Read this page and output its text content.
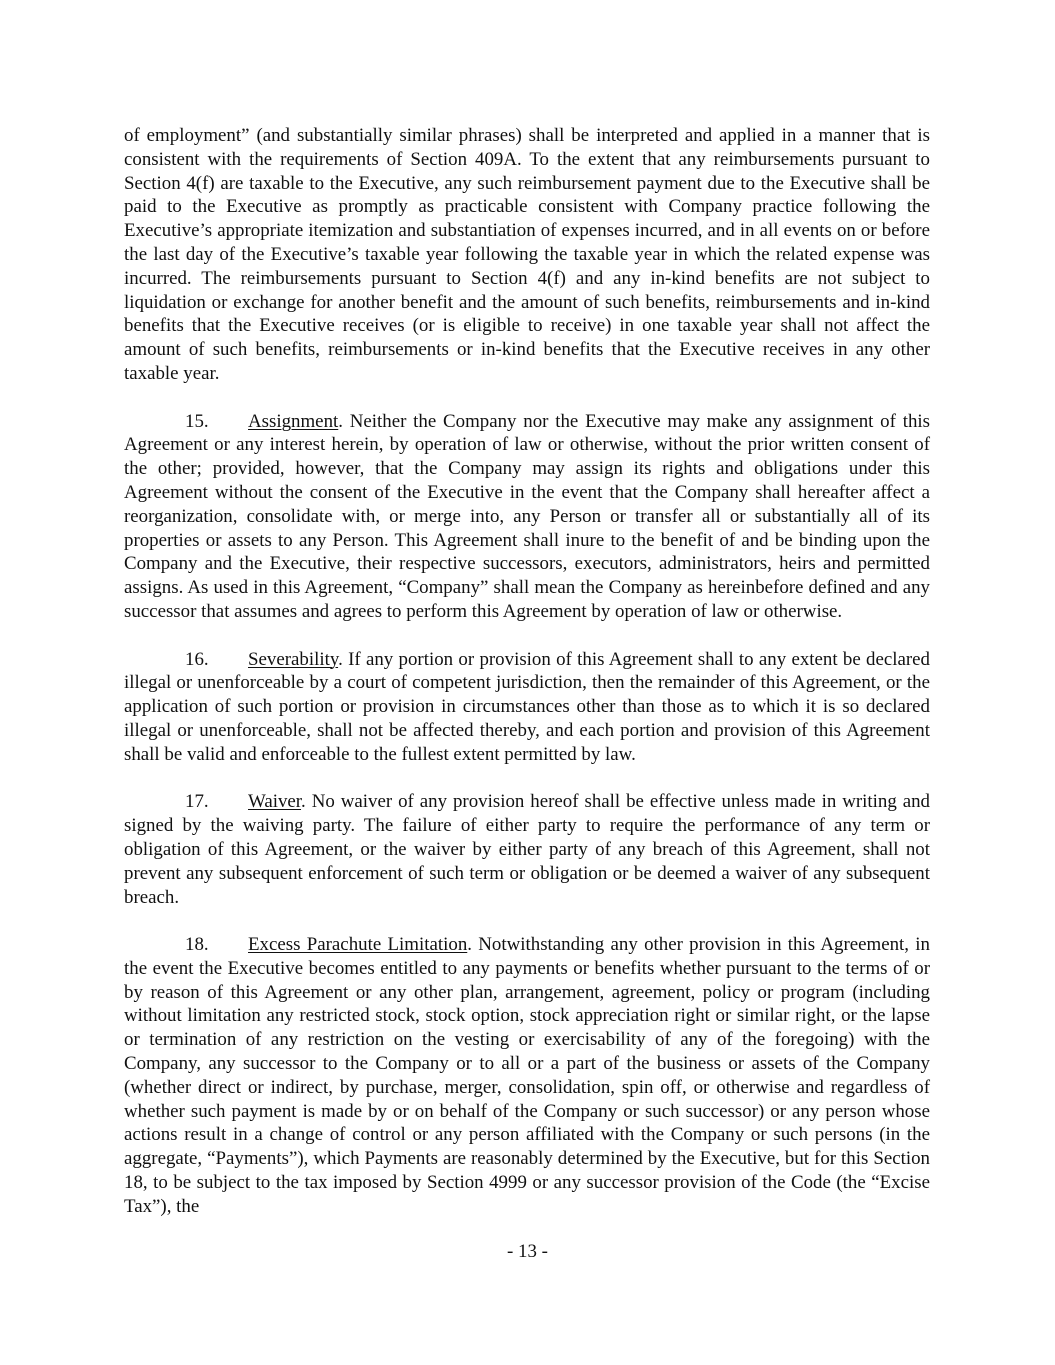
of employment” (and substantially similar phrases) shall be interpreted and applied in a manner that is consistent with the requirements of Section 409A. To the extent that any reimbursements pursuant to Section 4(f) are taxable to the Executive, any such reimbursement payment due to the Executive shall be paid to the Executive as promptly as practicable consistent with Company practice following the Executive’s appropriate itemization and substantiation of expenses incurred, and in all events on or before the last day of the Executive’s taxable year following the taxable year in which the related expense was incurred. The reimbursements pursuant to Section 4(f) and any in-kind benefits are not subject to liquidation or exchange for another benefit and the amount of such benefits, reimbursements and in-kind benefits that the Executive receives (or is eligible to receive) in one taxable year shall not affect the amount of such benefits, reimbursements or in-kind benefits that the Executive receives in any other taxable year.

15. Assignment. Neither the Company nor the Executive may make any assignment of this Agreement or any interest herein, by operation of law or otherwise, without the prior written consent of the other; provided, however, that the Company may assign its rights and obligations under this Agreement without the consent of the Executive in the event that the Company shall hereafter affect a reorganization, consolidate with, or merge into, any Person or transfer all or substantially all of its properties or assets to any Person. This Agreement shall inure to the benefit of and be binding upon the Company and the Executive, their respective successors, executors, administrators, heirs and permitted assigns. As used in this Agreement, “Company” shall mean the Company as hereinbefore defined and any successor that assumes and agrees to perform this Agreement by operation of law or otherwise.

16. Severability. If any portion or provision of this Agreement shall to any extent be declared illegal or unenforceable by a court of competent jurisdiction, then the remainder of this Agreement, or the application of such portion or provision in circumstances other than those as to which it is so declared illegal or unenforceable, shall not be affected thereby, and each portion and provision of this Agreement shall be valid and enforceable to the fullest extent permitted by law.

17. Waiver. No waiver of any provision hereof shall be effective unless made in writing and signed by the waiving party. The failure of either party to require the performance of any term or obligation of this Agreement, or the waiver by either party of any breach of this Agreement, shall not prevent any subsequent enforcement of such term or obligation or be deemed a waiver of any subsequent breach.

18. Excess Parachute Limitation. Notwithstanding any other provision in this Agreement, in the event the Executive becomes entitled to any payments or benefits whether pursuant to the terms of or by reason of this Agreement or any other plan, arrangement, agreement, policy or program (including without limitation any restricted stock, stock option, stock appreciation right or similar right, or the lapse or termination of any restriction on the vesting or exercisability of any of the foregoing) with the Company, any successor to the Company or to all or a part of the business or assets of the Company (whether direct or indirect, by purchase, merger, consolidation, spin off, or otherwise and regardless of whether such payment is made by or on behalf of the Company or such successor) or any person whose actions result in a change of control or any person affiliated with the Company or such persons (in the aggregate, “Payments”), which Payments are reasonably determined by the Executive, but for this Section 18, to be subject to the tax imposed by Section 4999 or any successor provision of the Code (the “Excise Tax”), the

- 13 -
